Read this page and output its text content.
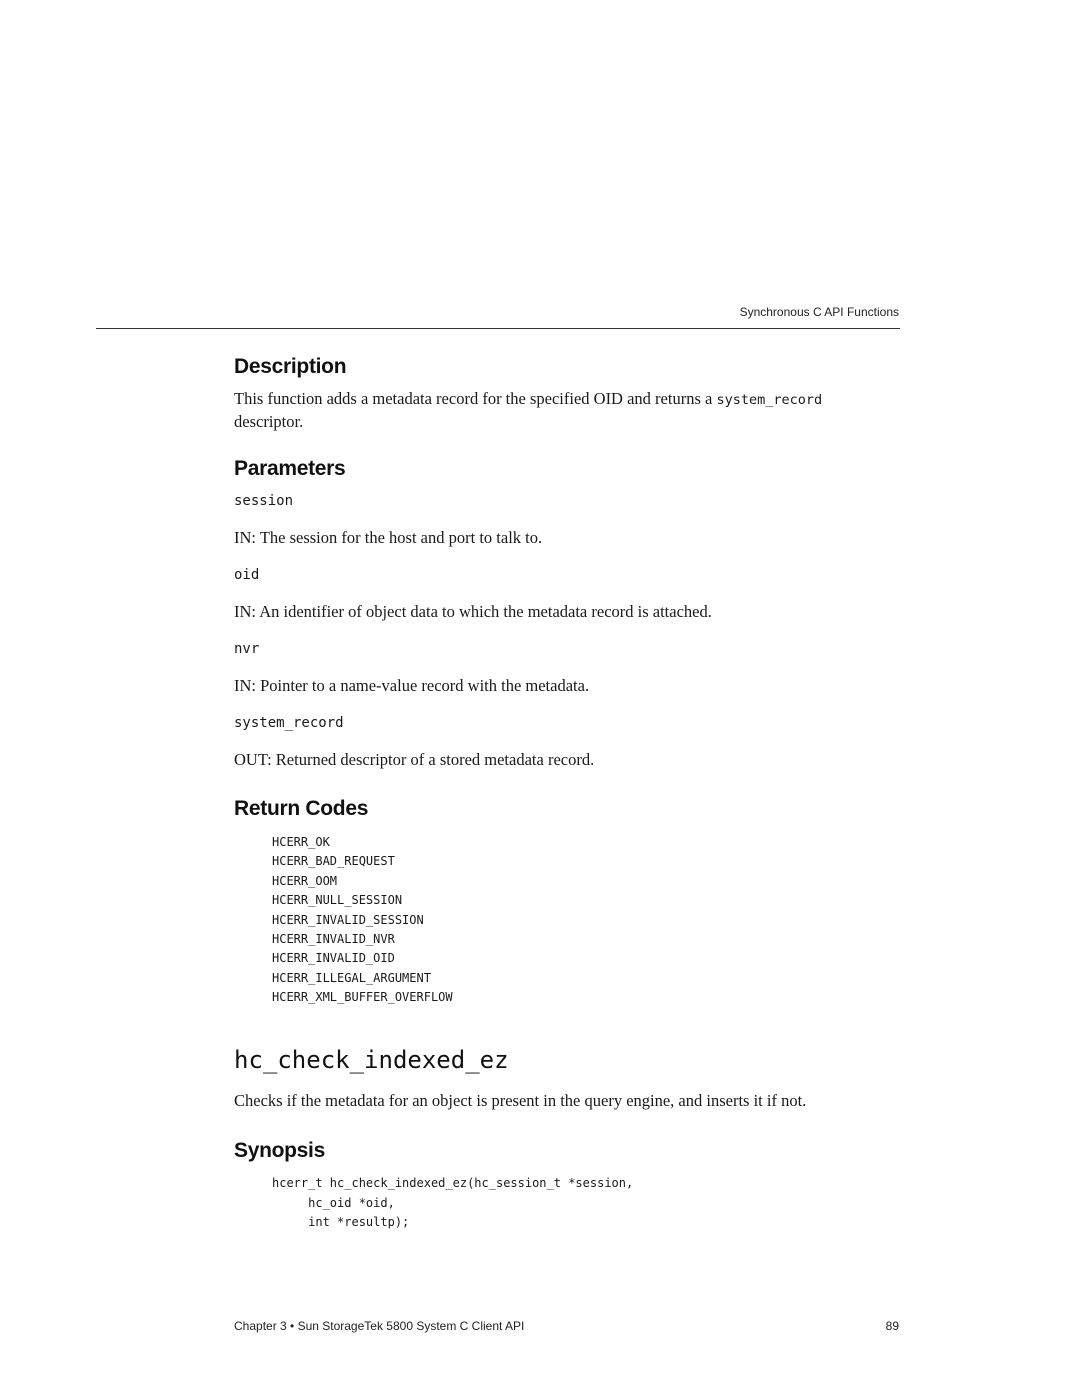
Synchronous C API Functions
Description

This function adds a metadata record for the specified OID and returns a system_record
descriptor.

Parameters
session

IN: The session for the host and port to talk to.

oid

IN: An identifier of object data to which the metadata record is attached.

nvr

IN: Pointer to a name-value record with the metadata.

system_record

OUT: Returned descriptor of a stored metadata record.

Return Codes
HCERR_OK
HCERR_BAD_REQUEST
HCERR_OOM
HCERR_NULL_SESSION
HCERR_INVALID_SESSION
HCERR_INVALID_NVR
HCERR_INVALID_OID
HCERR_ILLEGAL_ARGUMENT
HCERR_XML_BUFFER_OVERFLOW
hc_check_indexed_ez

Checks if the metadata for an object is present in the query engine, and inserts it if not.

Synopsis
hcerr_t hc_check_indexed_ez(hc_session_t *session,
hc_oid *oid,
int *resultp);
Chapter 3 • Sun StorageTek 5800 System C Client API	89
